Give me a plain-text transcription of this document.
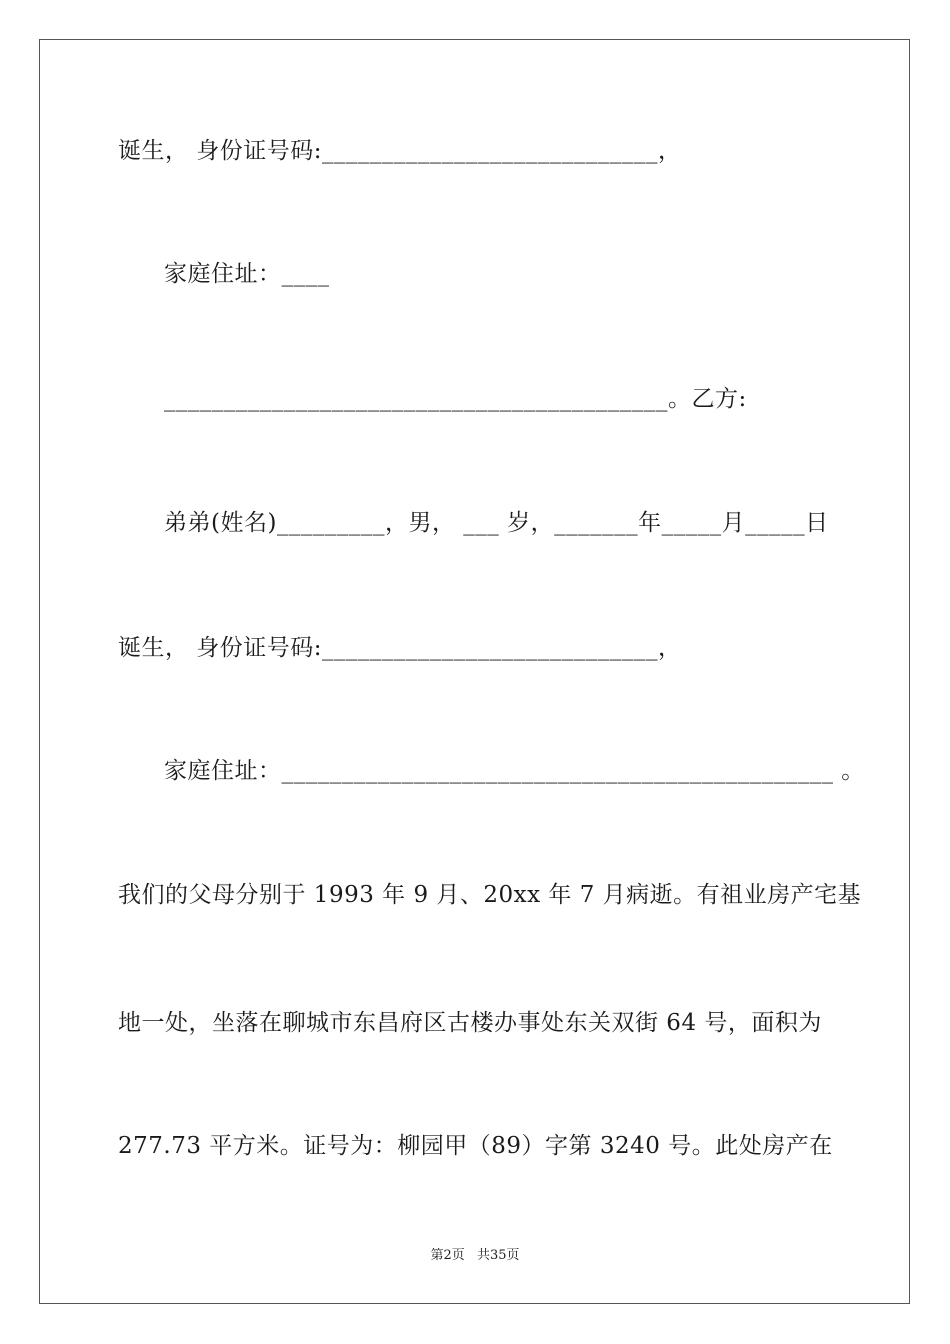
诞生， 身份证号码:____________________________，
家庭住址：____
__________________________________________。乙方:
弟弟(姓名)_________，男， ___ 岁，_______年_____月_____日
诞生， 身份证号码:____________________________，
家庭住址：______________________________________________ 。
我们的父母分别于 1993 年 9 月、20xx 年 7 月病逝。有祖业房产宅基
地一处，坐落在聊城市东昌府区古楼办事处东关双街 64 号，面积为
277.73 平方米。证号为：柳园甲（89）字第 3240 号。此处房产在
第2页 共35页
